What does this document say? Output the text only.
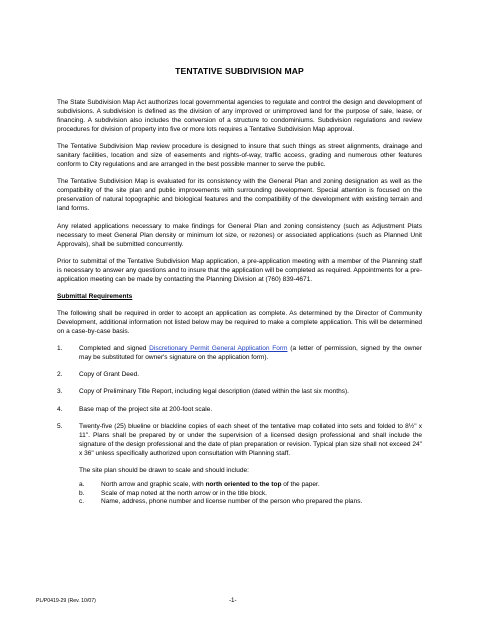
TENTATIVE SUBDIVISION MAP

The State Subdivision Map Act authorizes local governmental agencies to regulate and control the design and development of subdivisions. A subdivision is defined as the division of any improved or unimproved land for the purpose of sale, lease, or financing. A subdivision also includes the conversion of a structure to condominiums. Subdivision regulations and review procedures for division of property into five or more lots requires a Tentative Subdivision Map approval.

The Tentative Subdivision Map review procedure is designed to insure that such things as street alignments, drainage and sanitary facilities, location and size of easements and rights-of-way, traffic access, grading and numerous other features conform to City regulations and are arranged in the best possible manner to serve the public.

The Tentative Subdivision Map is evaluated for its consistency with the General Plan and zoning designation as well as the compatibility of the site plan and public improvements with surrounding development. Special attention is focused on the preservation of natural topographic and biological features and the compatibility of the development with existing terrain and land forms.

Any related applications necessary to make findings for General Plan and zoning consistency (such as Adjustment Plats necessary to meet General Plan density or minimum lot size, or rezones) or associated applications (such as Planned Unit Approvals), shall be submitted concurrently.

Prior to submittal of the Tentative Subdivision Map application, a pre-application meeting with a member of the Planning staff is necessary to answer any questions and to insure that the application will be completed as required. Appointments for a pre-application meeting can be made by contacting the Planning Division at (760) 839-4671.

Submittal Requirements

The following shall be required in order to accept an application as complete. As determined by the Director of Community Development, additional information not listed below may be required to make a complete application. This will be determined on a case-by-case basis.

1.	Completed and signed Discretionary Permit General Application Form (a letter of permission, signed by the owner may be substituted for owner's signature on the application form).
2.	Copy of Grant Deed.
3.	Copy of Preliminary Title Report, including legal description (dated within the last six months).
4.	Base map of the project site at 200-foot scale.
5.	Twenty-five (25) blueline or blackline copies of each sheet of the tentative map collated into sets and folded to 8½" x 11". Plans shall be prepared by or under the supervision of a licensed design professional and shall include the signature of the design professional and the date of plan preparation or revision. Typical plan size shall not exceed 24" x 36" unless specifically authorized upon consultation with Planning staff.
The site plan should be drawn to scale and should include:
a.	North arrow and graphic scale, with north oriented to the top of the paper.
b.	Scale of map noted at the north arrow or in the title block.
c.	Name, address, phone number and license number of the person who prepared the plans.
PL/P0419-29 (Rev. 10/07)	-1-
